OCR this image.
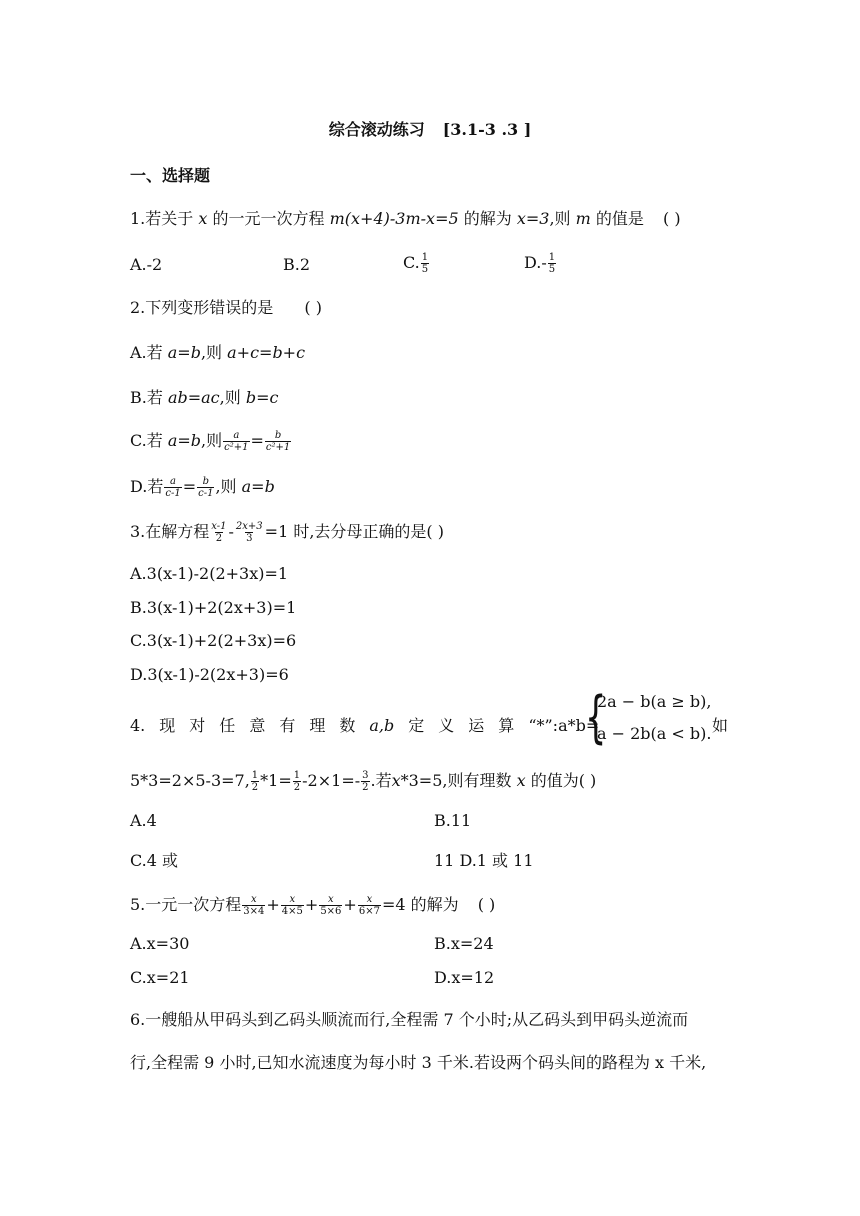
综合滚动练习 [3.1-3 .3 ]
一、选择题
1.若关于 x 的一元一次方程 m(x+4)-3m-x=5 的解为 x=3,则 m 的值是 ( )
A.-2	B.2	C. $\frac{1}{5}$	$D.- \frac{1}{5}$
2.下列变形错误的是 ( )
A.若 a=b,则 a+c=b+c
B.若 ab=ac,则 b=c
C.若 a=b,则 $\frac{a}{\text{c²+1}} = \frac{b}{\text{c²+1}}$
D.若 $\frac{a}{c-1} = \frac{b}{c-1}$ ,则 a=b
3.在解方程 $\frac{x-1}{2} - \frac{2x+3}{3} =1$ 时,去分母正确的是( )
A.3(x-1)-2(2+3x)=1
B.3(x-1)+2(2x+3)=1
C.3(x-1)+2(2+3x)=6
D.3(x-1)-2(2x+3)=6
4. 现 对 任 意 有 理 数 a,b 定 义 运 算 “*”:a*b=
{
2a − b(a ≥ b),
a − 2b(a < b). 如
5*3=2×5-3=7, $\frac{1}{2} *1= \frac{1}{2} -2\times 1=- \frac{3}{2}$ .若x*3=5,则有理数 x 的值为( )
A.4	B.11
C.4 或	11 D.1 或 11
5.一元一次方程 $\frac{x}{3\times 4} + \frac{x}{4\times 5} + \frac{x}{5\times 6} + \frac{x}{6\times 7} =4$ 的解为 ( )
A.x=30	B.x=24
C.x=21	D.x=12
6.一艘船从甲码头到乙码头顺流而行,全程需 7 个小时;从乙码头到甲码头逆流而
行,全程需 9 小时,已知水流速度为每小时 3 千米.若设两个码头间的路程为 x 千米,
